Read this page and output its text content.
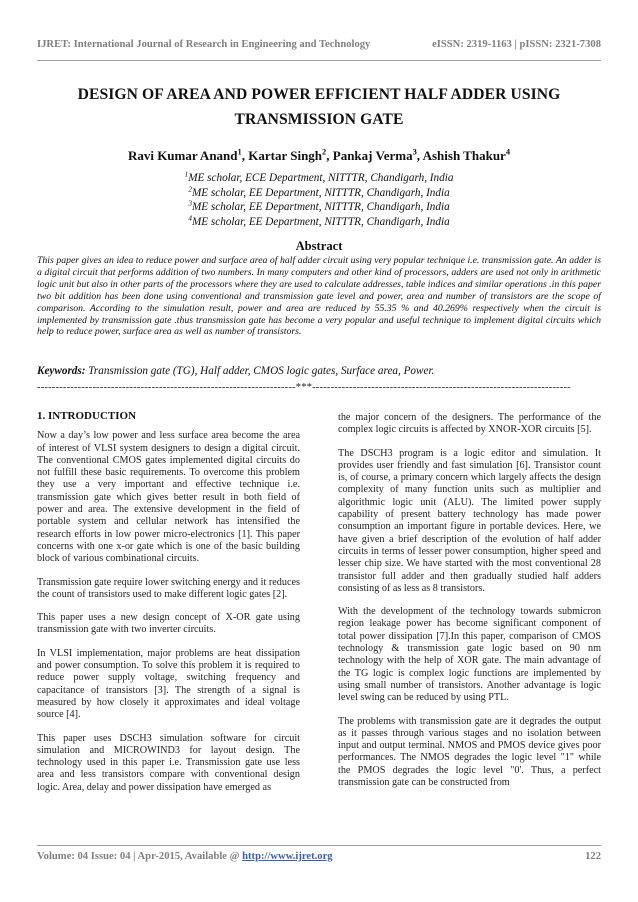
IJRET: International Journal of Research in Engineering and Technology	eISSN: 2319-1163 | pISSN: 2321-7308
DESIGN OF AREA AND POWER EFFICIENT HALF ADDER USING
TRANSMISSION GATE
Ravi Kumar Anand$^1$, Kartar Singh$^2$, Pankaj Verma$^3$, Ashish Thakur$^4$
$^1$ME scholar, ECE Department, NITTTR, Chandigarh, India
$^2$ME scholar, EE Department, NITTTR, Chandigarh, India
$^3$ME scholar, EE Department, NITTTR, Chandigarh, India
$^4$ME scholar, EE Department, NITTTR, Chandigarh, India
Abstract
This paper gives an idea to reduce power and surface area of half adder circuit using very popular technique i.e. transmission gate. An adder is a digital circuit that performs addition of two numbers. In many computers and other kind of processors, adders are used not only in arithmetic logic unit but also in other parts of the processors where they are used to calculate addresses, table indices and similar operations .in this paper two bit addition has been done using conventional and transmission gate level and power, area and number of transistors are the scope of comparison. According to the simulation result, power and area are reduced by 55.35 % and 40.269% respectively when the circuit is implemented by transmission gate .thus transmission gate has become a very popular and useful technique to implement digital circuits which help to reduce power, surface area as well as number of transistors.
Keywords: Transmission gate (TG), Half adder, CMOS logic gates, Surface area, Power.
----------------------------------------------------------------------***----------------------------------------------------------------------
1. INTRODUCTION

Now a day’s low power and less surface area become the area of interest of VLSI system designers to design a digital circuit. The conventional CMOS gates implemented digital circuits do not fulfill these basic requirements. To overcome this problem they use a very important and effective technique i.e. transmission gate which gives better result in both field of power and area. The extensive development in the field of portable system and cellular network has intensified the research efforts in low power micro-electronics [1]. This paper concerns with one x-or gate which is one of the basic building block of various combinational circuits.

Transmission gate require lower switching energy and it reduces the count of transistors used to make different logic gates [2].

This paper uses a new design concept of X-OR gate using transmission gate with two inverter circuits.

In VLSI implementation, major problems are heat dissipation and power consumption. To solve this problem it is required to reduce power supply voltage, switching frequency and capacitance of transistors [3]. The strength of a signal is measured by how closely it approximates and ideal voltage source [4].

This paper uses DSCH3 simulation software for circuit simulation and MICROWIND3 for layout design. The technology used in this paper i.e. Transmission gate use less area and less transistors compare with conventional design logic. Area, delay and power dissipation have emerged as

the major concern of the designers. The performance of the complex logic circuits is affected by XNOR-XOR circuits [5].

The DSCH3 program is a logic editor and simulation. It provides user friendly and fast simulation [6]. Transistor count is, of course, a primary concern which largely affects the design complexity of many function units such as multiplier and algorithmic logic unit (ALU). The limited power supply capability of present battery technology has made power consumption an important figure in portable devices. Here, we have given a brief description of the evolution of half adder circuits in terms of lesser power consumption, higher speed and lesser chip size. We have started with the most conventional 28 transistor full adder and then gradually studied half adders consisting of as less as 8 transistors.

With the development of the technology towards submicron region leakage power has become significant component of total power dissipation [7].In this paper, comparison of CMOS technology & transmission gate logic based on 90 nm technology with the help of XOR gate. The main advantage of the TG logic is complex logic functions are implemented by using small number of transistors. Another advantage is logic level swing can be reduced by using PTL.

The problems with transmission gate are it degrades the output as it passes through various stages and no isolation between input and output terminal. NMOS and PMOS device gives poor performances. The NMOS degrades the logic level "1" while the PMOS degrades the logic level "0'. Thus, a perfect transmission gate can be constructed from

Volume: 04 Issue: 04 | Apr-2015, Available @ http://www.ijret.org	122
